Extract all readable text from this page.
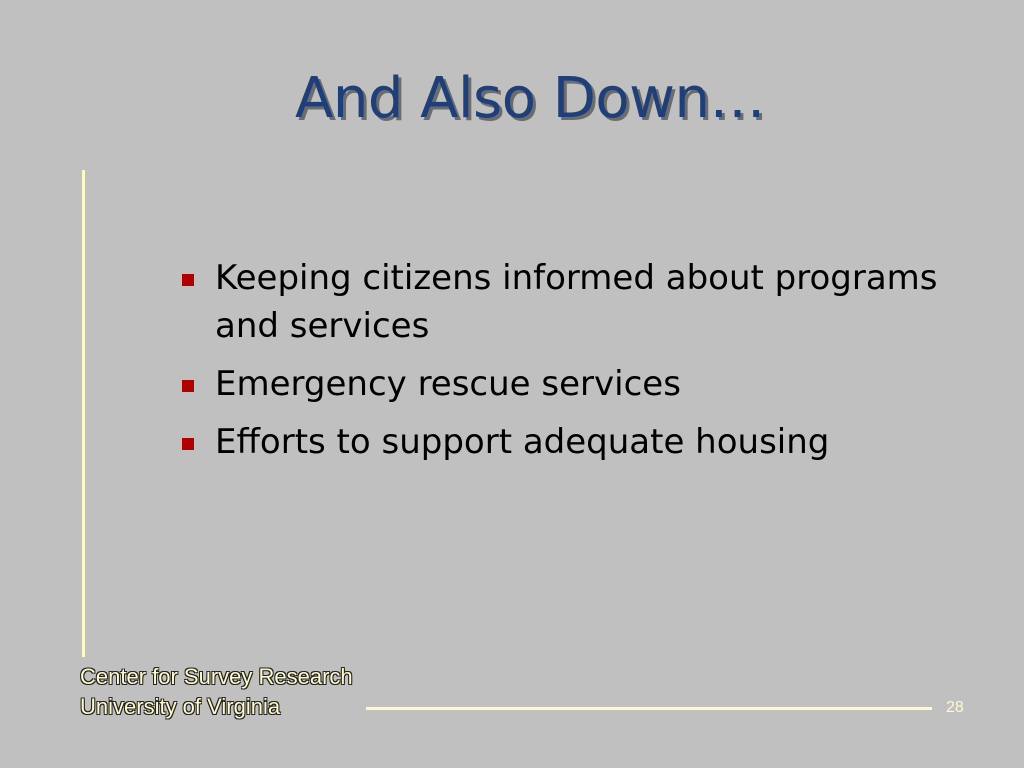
And Also Down…
Keeping citizens informed about programs and services
Emergency rescue services
Efforts to support adequate housing
Center for Survey Research
University of Virginia	28
